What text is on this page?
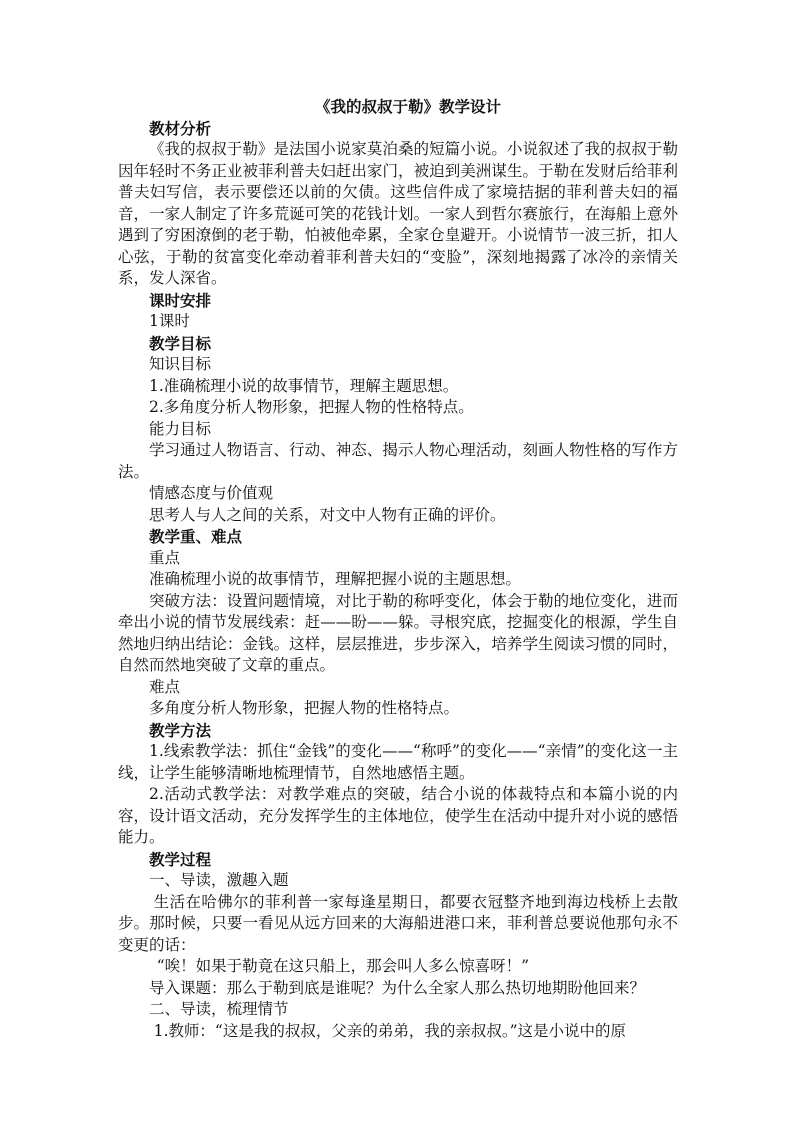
《我的叔叔于勒》教学设计

教材分析

《我的叔叔于勒》是法国小说家莫泊桑的短篇小说。小说叙述了我的叔叔于勒因年轻时不务正业被菲利普夫妇赶出家门，被迫到美洲谋生。于勒在发财后给菲利普夫妇写信，表示要偿还以前的欠债。这些信件成了家境拮据的菲利普夫妇的福音，一家人制定了许多荒诞可笑的花钱计划。一家人到哲尔赛旅行，在海船上意外遇到了穷困潦倒的老于勒，怕被他牵累，全家仓皇避开。小说情节一波三折，扣人心弦，于勒的贫富变化牵动着菲利普夫妇的“变脸”，深刻地揭露了冰冷的亲情关系，发人深省。

课时安排

1课时

教学目标

知识目标

1.准确梳理小说的故事情节，理解主题思想。

2.多角度分析人物形象，把握人物的性格特点。

能力目标

学习通过人物语言、行动、神态、揭示人物心理活动，刻画人物性格的写作方法。

情感态度与价值观

思考人与人之间的关系，对文中人物有正确的评价。

教学重、难点

重点

准确梳理小说的故事情节，理解把握小说的主题思想。

突破方法：设置问题情境，对比于勒的称呼变化，体会于勒的地位变化，进而牵出小说的情节发展线索：赶——盼——躲。寻根究底，挖掘变化的根源，学生自然地归纳出结论：金钱。这样，层层推进，步步深入，培养学生阅读习惯的同时，自然而然地突破了文章的重点。

难点

多角度分析人物形象，把握人物的性格特点。

教学方法

1.线索教学法：抓住“金钱”的变化——“称呼”的变化——“亲情”的变化这一主线，让学生能够清晰地梳理情节，自然地感悟主题。

2.活动式教学法：对教学难点的突破，结合小说的体裁特点和本篇小说的内容，设计语文活动，充分发挥学生的主体地位，使学生在活动中提升对小说的感悟能力。

教学过程

一、导读，激趣入题

生活在哈佛尔的菲利普一家每逢星期日，都要衣冠整齐地到海边栈桥上去散步。那时候，只要一看见从远方回来的大海船进港口来，菲利普总要说他那句永不变更的话：

“唉！如果于勒竟在这只船上，那会叫人多么惊喜呀！”

导入课题：那么于勒到底是谁呢？为什么全家人那么热切地期盼他回来？

二、导读，梳理情节

1.教师：“这是我的叔叔，父亲的弟弟，我的亲叔叔。”这是小说中的原
